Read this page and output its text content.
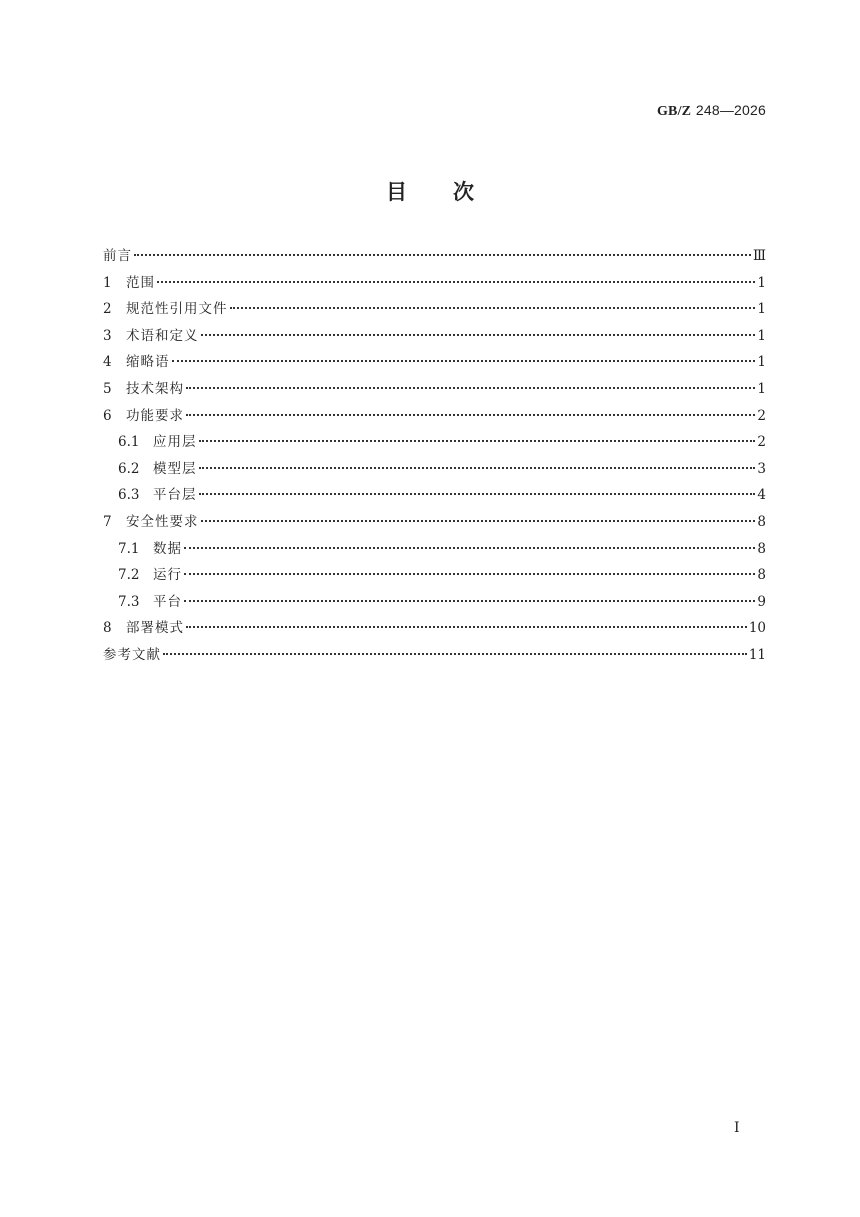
GB/Z 248—2026
目 次
前言	Ⅲ
1	范围	1
2	规范性引用文件	1
3	术语和定义	1
4	缩略语	1
5	技术架构	1
6	功能要求	2
6.1	应用层	2
6.2	模型层	3
6.3	平台层	4
7	安全性要求	8
7.1	数据	8
7.2	运行	8
7.3	平台	9
8	部署模式	10
参考文献	11
I
